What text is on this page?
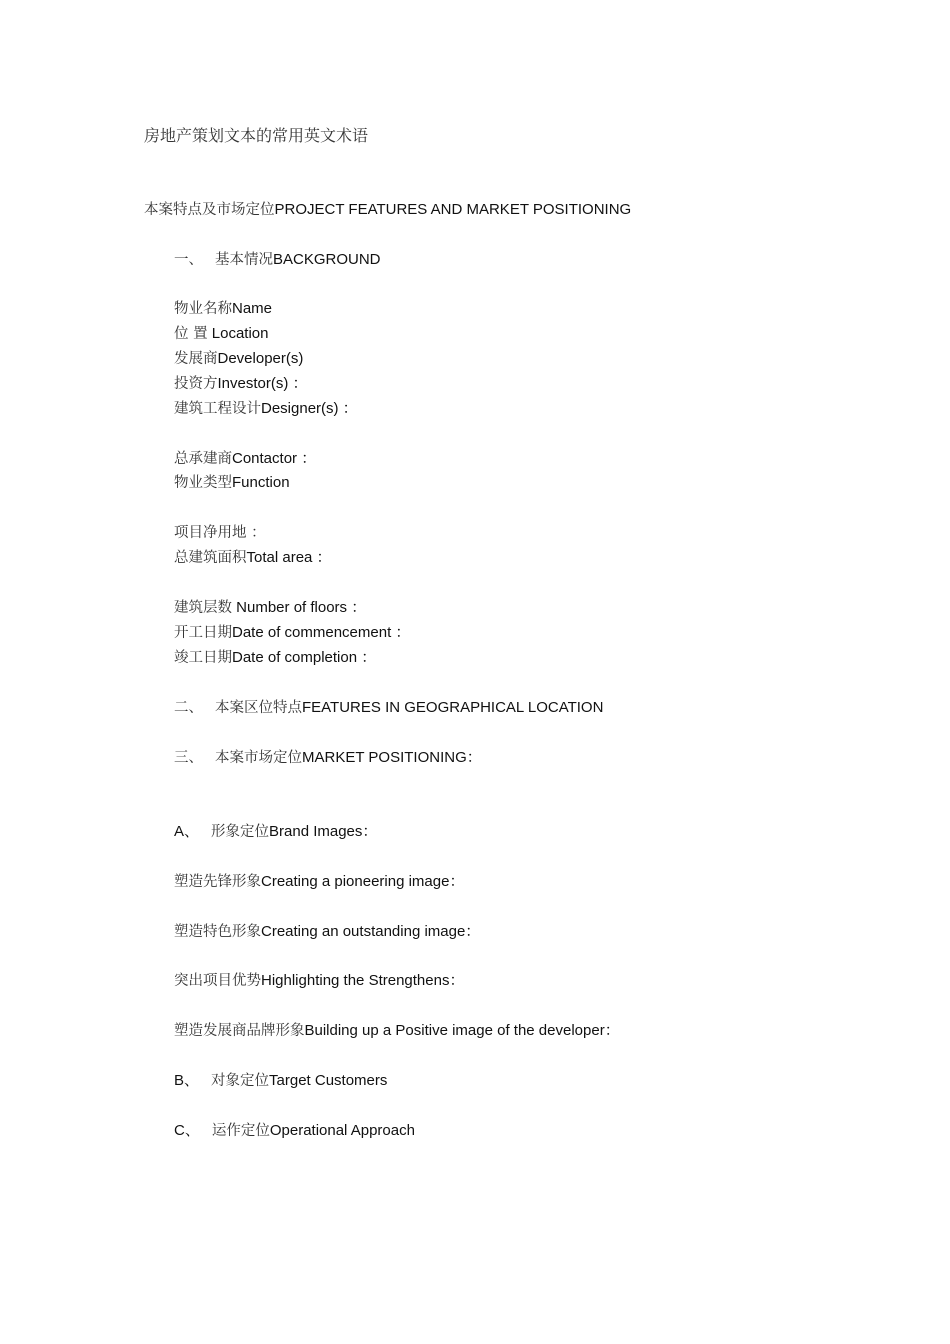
房地产策划文本的常用英文术语
本案特点及市场定位PROJECT FEATURES AND MARKET POSITIONING
一、 基本情况BACKGROUND
物业名称Name
位 置 Location
发展商Developer(s)
投资方Investor(s) ：
建筑工程设计Designer(s) ：
总承建商Contactor ：
物业类型Function
项目净用地 ：
总建筑面积Total area ：
建筑层数 Number of floors ：
开工日期Date of commencement ：
竣工日期Date of completion ：
二、 本案区位特点FEATURES IN GEOGRAPHICAL LOCATION
三、 本案市场定位MARKET POSITIONING：
A、 形象定位Brand Images：
塑造先锋形象Creating a pioneering image：
塑造特色形象Creating an outstanding image：
突出项目优势Highlighting the Strengthens：
塑造发展商品牌形象Building up a Positive image of the developer：
B、 对象定位Target Customers
C、 运作定位Operational Approach
